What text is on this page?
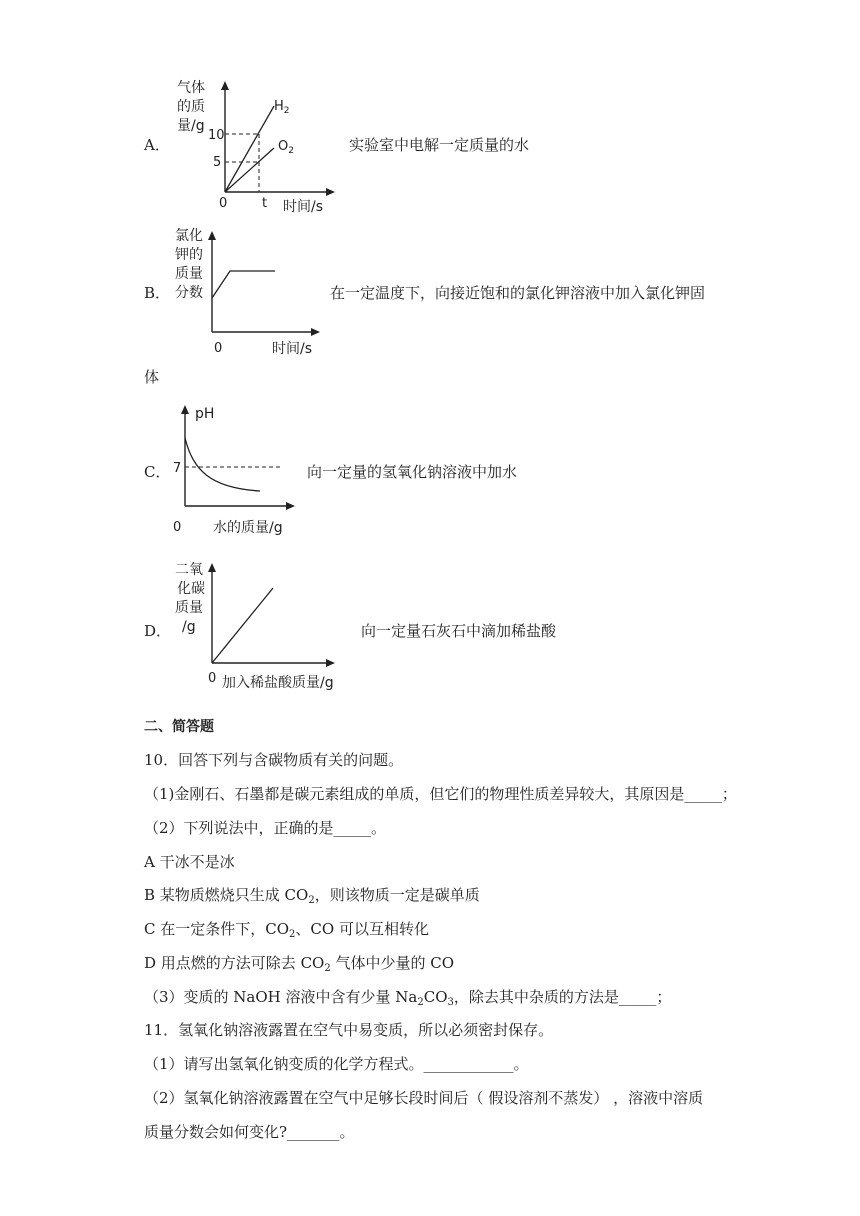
A．
气体
的质
量/g
10
5
0	t 时间/s
$H_2$
$O_2$	实验室中电解一定质量的水
B．
氯化
钾的
质量
分数
0	时间/s
在一定温度下，向接近饱和的氯化钾溶液中加入氯化钾固
体
C．
pH
7
0 水的质量/g
向一定量的氢氧化钠溶液中加水
D．
二氧
化碳
质量
/g
0 加入稀盐酸质量/g
向一定量石灰石中滴加稀盐酸
二、简答题
10．回答下列与含碳物质有关的问题。
（1)金刚石、石墨都是碳元素组成的单质，但它们的物理性质差异较大，其原因是_____；
（2）下列说法中，正确的是_____。
A 干冰不是冰
B 某物质燃烧只生成 $CO_2$，则该物质一定是碳单质
C 在一定条件下，$CO_2$、CO 可以互相转化
D 用点燃的方法可除去 $CO_2$ 气体中少量的 CO
（3）变质的 NaOH 溶液中含有少量 $Na_2CO_3$，除去其中杂质的方法是_____；
11．氢氧化钠溶液露置在空气中易变质，所以必须密封保存。
（1）请写出氢氧化钠变质的化学方程式。____________。
（2）氢氧化钠溶液露置在空气中足够长段时间后（ 假设溶剂不蒸发） ，溶液中溶质
质量分数会如何变化?_______。
